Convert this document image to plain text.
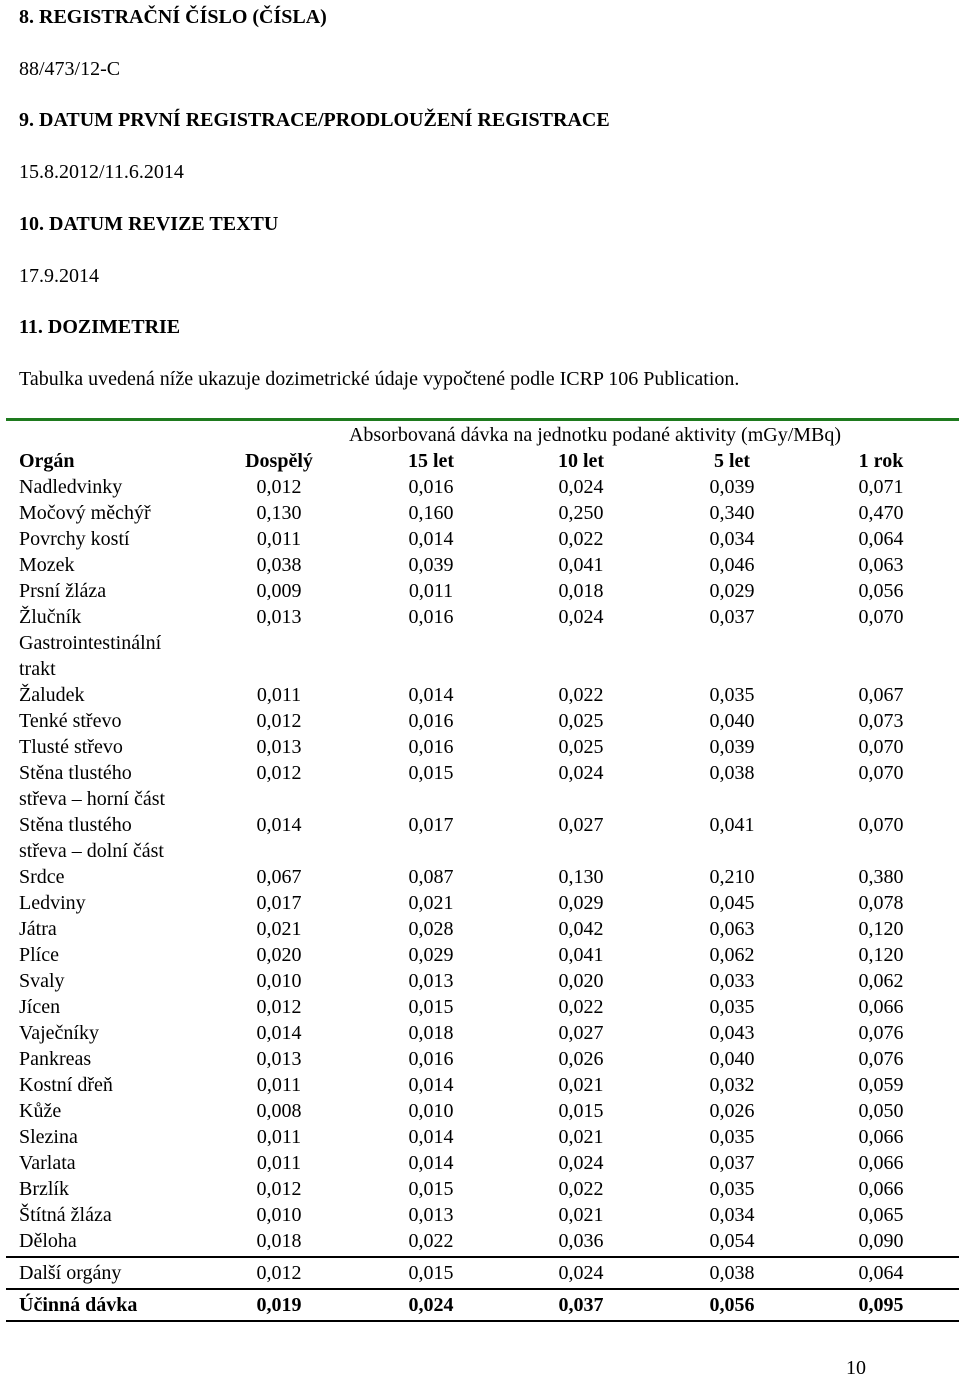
8. REGISTRAČNÍ ČÍSLO (ČÍSLA)
88/473/12-C
9. DATUM PRVNÍ REGISTRACE/PRODLOUŽENÍ REGISTRACE
15.8.2012/11.6.2014
10. DATUM REVIZE TEXTU
17.9.2014
11. DOZIMETRIE
Tabulka uvedená níže ukazuje dozimetrické údaje vypočtené podle ICRP 106 Publication.
Absorbovaná dávka na jednotku podané aktivity (mGy/MBq)
Orgán	Dospělý	15 let	10 let	5 let	1 rok
Nadledvinky	0,012	0,016	0,024	0,039	0,071
Močový měchýř	0,130	0,160	0,250	0,340	0,470
Povrchy kostí	0,011	0,014	0,022	0,034	0,064
Mozek	0,038	0,039	0,041	0,046	0,063
Prsní žláza	0,009	0,011	0,018	0,029	0,056
Žlučník	0,013	0,016	0,024	0,037	0,070
Gastrointestinální
trakt
Žaludek	0,011	0,014	0,022	0,035	0,067
Tenké střevo	0,012	0,016	0,025	0,040	0,073
Tlusté střevo	0,013	0,016	0,025	0,039	0,070
Stěna tlustého
střeva – horní část
0,012	0,015	0,024	0,038	0,070
Stěna tlustého
střeva – dolní část
0,014	0,017	0,027	0,041	0,070
Srdce	0,067	0,087	0,130	0,210	0,380
Ledviny	0,017	0,021	0,029	0,045	0,078
Játra	0,021	0,028	0,042	0,063	0,120
Plíce	0,020	0,029	0,041	0,062	0,120
Svaly	0,010	0,013	0,020	0,033	0,062
Jícen	0,012	0,015	0,022	0,035	0,066
Vaječníky	0,014	0,018	0,027	0,043	0,076
Pankreas	0,013	0,016	0,026	0,040	0,076
Kostní dřeň	0,011	0,014	0,021	0,032	0,059
Kůže	0,008	0,010	0,015	0,026	0,050
Slezina	0,011	0,014	0,021	0,035	0,066
Varlata	0,011	0,014	0,024	0,037	0,066
Brzlík	0,012	0,015	0,022	0,035	0,066
Štítná žláza	0,010	0,013	0,021	0,034	0,065
Děloha	0,018	0,022	0,036	0,054	0,090
Další orgány	0,012	0,015	0,024	0,038	0,064
Účinná dávka	0,019	0,024	0,037	0,056	0,095
10
